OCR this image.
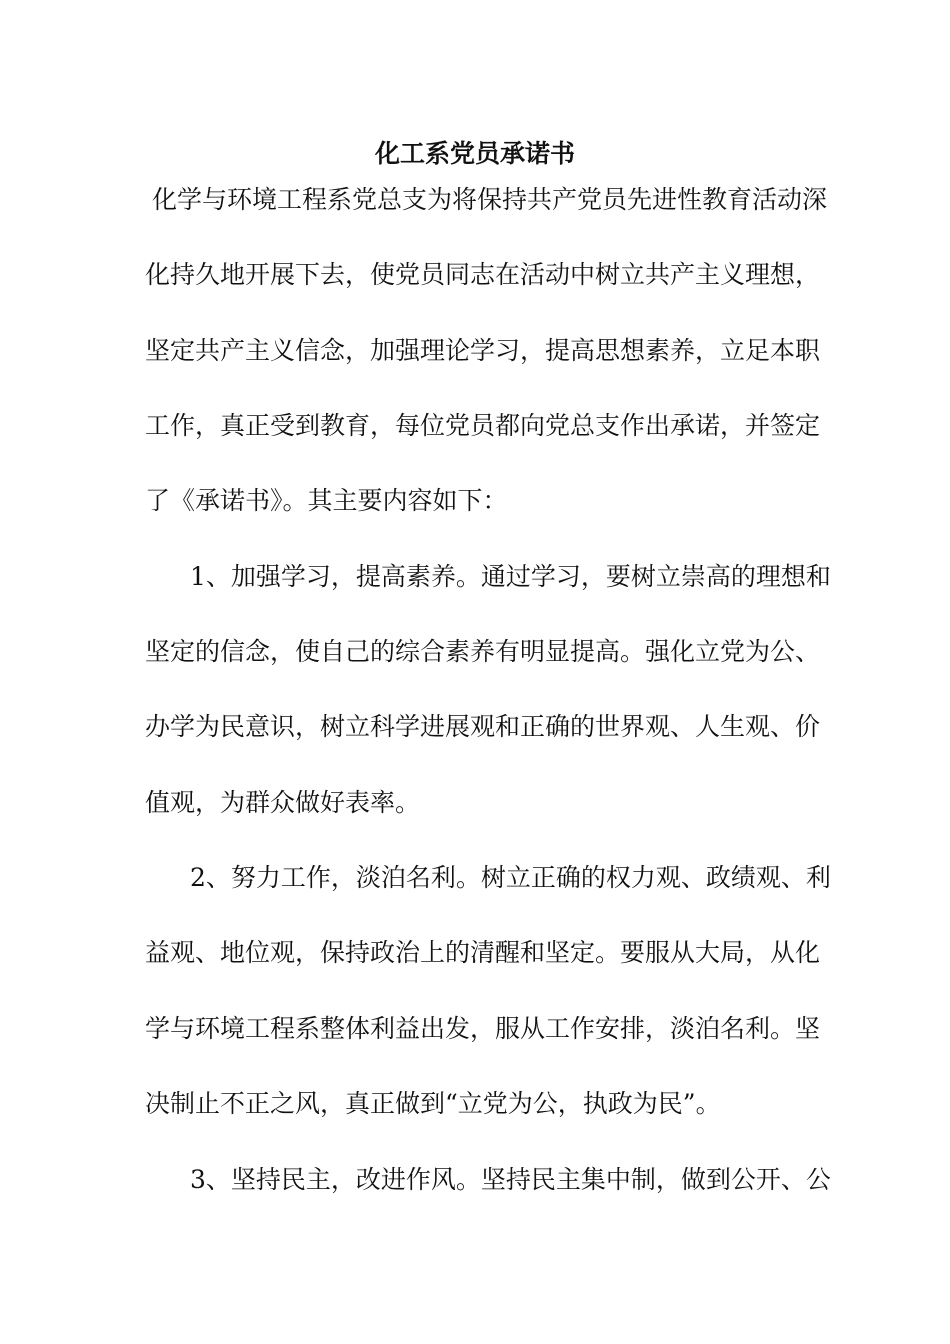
化工系党员承诺书
化学与环境工程系党总支为将保持共产党员先进性教育活动深
化持久地开展下去，使党员同志在活动中树立共产主义理想，
坚定共产主义信念，加强理论学习，提高思想素养，立足本职
工作，真正受到教育，每位党员都向党总支作出承诺，并签定
了《承诺书》。其主要内容如下：
1、加强学习，提高素养。通过学习，要树立崇高的理想和
坚定的信念，使自己的综合素养有明显提高。强化立党为公、
办学为民意识，树立科学进展观和正确的世界观、人生观、价
值观，为群众做好表率。
2、努力工作，淡泊名利。树立正确的权力观、政绩观、利
益观、地位观，保持政治上的清醒和坚定。要服从大局，从化
学与环境工程系整体利益出发，服从工作安排，淡泊名利。坚
决制止不正之风，真正做到“立党为公，执政为民”。
3、坚持民主，改进作风。坚持民主集中制，做到公开、公
